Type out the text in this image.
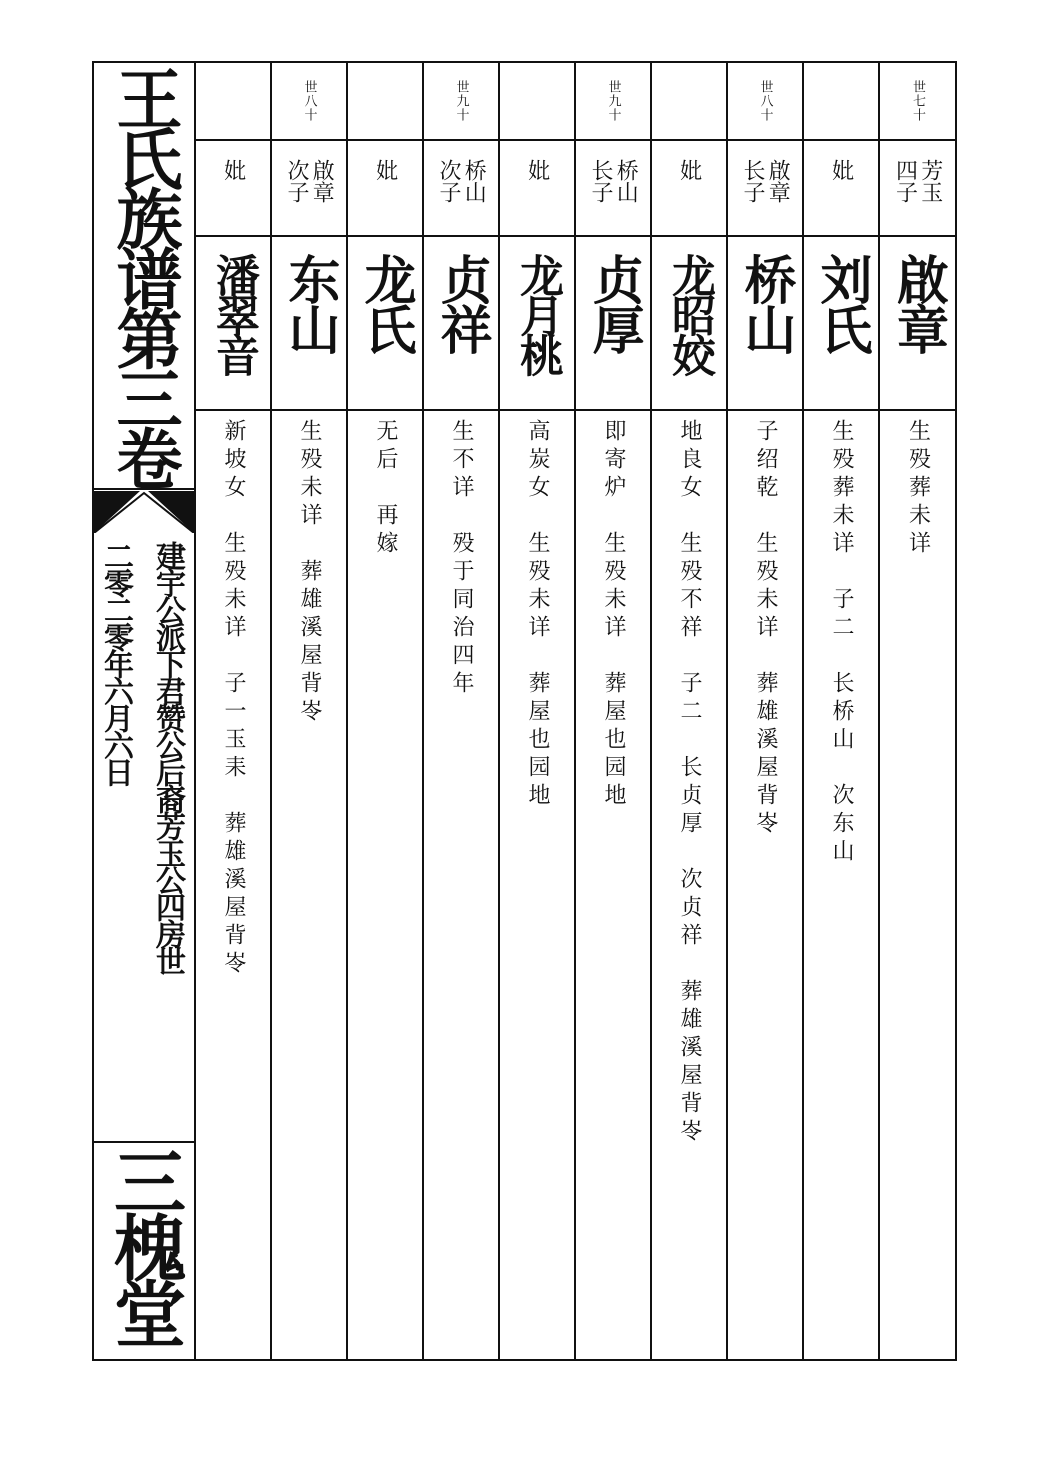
王氏族谱第三卷
建宇公派下君赞公后裔芳玉公四房世
二零二零年六月六日
三槐堂
妣
潘翠音
新坡女　生殁未详　子一玉耒　葬雄溪屋背岺
世八十
啟章次子
东山
生殁未详　葬雄溪屋背岺
妣
龙氏
无后　再嫁
世九十
桥山次子
贞祥
生不详　殁于同治四年
妣
龙月桃
高炭女　生殁未详　葬屋也园地
世九十
桥山长子
贞厚
即寄炉　生殁未详　葬屋也园地
妣
龙昭姣
地良女　生殁不祥　子二　长贞厚　次贞祥　葬雄溪屋背岺
世八十
啟章长子
桥山
子绍乾　生殁未详　葬雄溪屋背岺
妣
刘氏
生殁葬未详　子二　长桥山　次东山
世七十
芳玉四子
啟章
生殁葬未详
